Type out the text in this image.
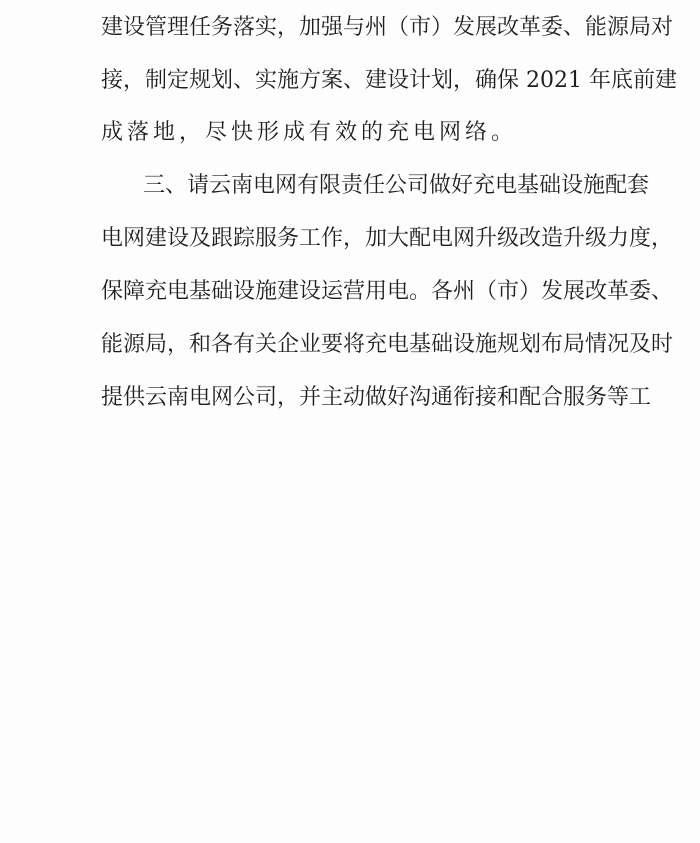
建设管理任务落实，加强与州（市）发展改革委、能源局对
接，制定规划、实施方案、建设计划，确保 2021 年底前建
成落地，尽快形成有效的充电网络。
三、请云南电网有限责任公司做好充电基础设施配套
电网建设及跟踪服务工作，加大配电网升级改造升级力度，
保障充电基础设施建设运营用电。各州（市）发展改革委、
能源局，和各有关企业要将充电基础设施规划布局情况及时
提供云南电网公司，并主动做好沟通衔接和配合服务等工
